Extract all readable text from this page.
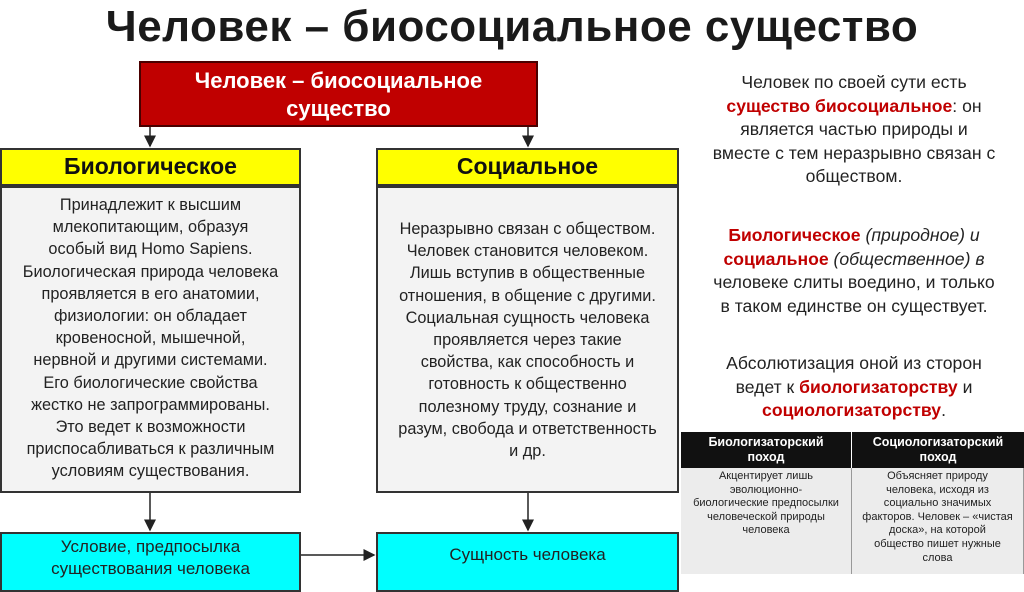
Человек – биосоциальное существо
Человек – биосоциальное
существо
Биологическое	Социальное
Принадлежит к высшим
млекопитающим, образуя
особый вид Homo Sapiens.
Биологическая природа человека
проявляется в его анатомии,
физиологии: он обладает
кровеносной, мышечной,
нервной и другими системами.
Его биологические свойства
жестко не запрограммированы.
Это ведет к возможности
приспосабливаться к различным
условиям существования.
Неразрывно связан с обществом.
Человек становится человеком.
Лишь вступив в общественные
отношения, в общение с другими.
Социальная сущность человека
проявляется через такие
свойства, как способность и
готовность к общественно
полезному труду, сознание и
разум, свобода и ответственность
и др.
Условие, предпосылка
существования человека
Сущность человека
Человек по своей сути есть
существо биосоциальное: он
является частью природы и
вместе с тем неразрывно связан с
обществом.
Биологическое (природное) и
социальное (общественное) в
человеке слиты воедино, и только
в таком единстве он существует.
Абсолютизация оной из сторон
ведет к биологизаторству и
социологизаторству.
Биологизаторский
поход
Социологизаторский
поход
Акцентирует лишь
эволюционно-
биологические предпосылки
человеческой природы
человека
Объясняет природу
человека, исходя из
социально значимых
факторов. Человек – «чистая
доска», на которой
общество пишет нужные
слова
